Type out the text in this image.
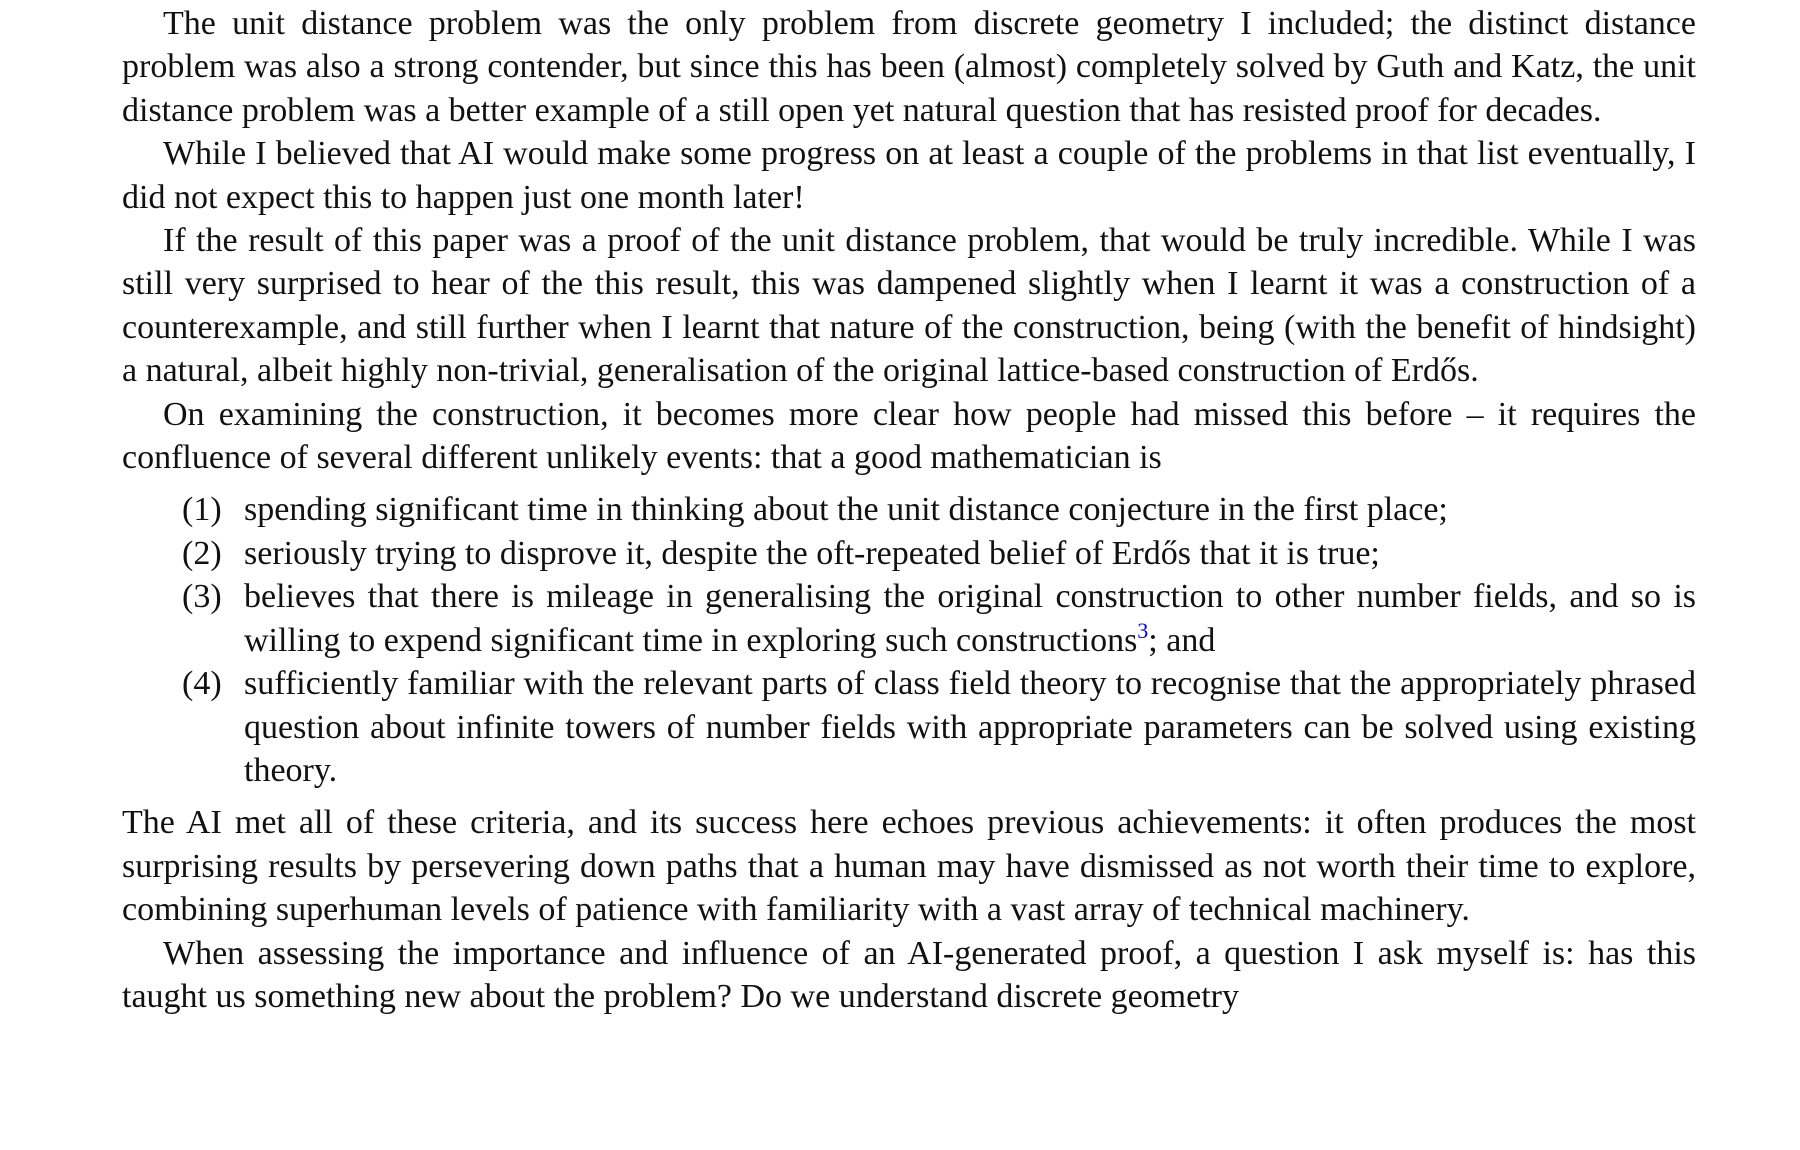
The unit distance problem was the only problem from discrete geometry I included; the distinct distance problem was also a strong contender, but since this has been (almost) completely solved by Guth and Katz, the unit distance problem was a better example of a still open yet natural question that has resisted proof for decades.

While I believed that AI would make some progress on at least a couple of the problems in that list eventually, I did not expect this to happen just one month later!

If the result of this paper was a proof of the unit distance problem, that would be truly incredible. While I was still very surprised to hear of the this result, this was dampened slightly when I learnt it was a construction of a counterexample, and still further when I learnt that nature of the construction, being (with the benefit of hindsight) a natural, albeit highly non-trivial, generalisation of the original lattice-based construction of Erdős.

On examining the construction, it becomes more clear how people had missed this before – it requires the confluence of several different unlikely events: that a good mathematician is

(1) spending significant time in thinking about the unit distance conjecture in the first place;
(2) seriously trying to disprove it, despite the oft-repeated belief of Erdős that it is true;
(3) believes that there is mileage in generalising the original construction to other number fields, and so is willing to expend significant time in exploring such constructions$^3$; and
(4) sufficiently familiar with the relevant parts of class field theory to recognise that the appropriately phrased question about infinite towers of number fields with appropriate parameters can be solved using existing theory.

The AI met all of these criteria, and its success here echoes previous achievements: it often produces the most surprising results by persevering down paths that a human may have dismissed as not worth their time to explore, combining superhuman levels of patience with familiarity with a vast array of technical machinery.

When assessing the importance and influence of an AI-generated proof, a question I ask myself is: has this taught us something new about the problem? Do we understand discrete geometry
